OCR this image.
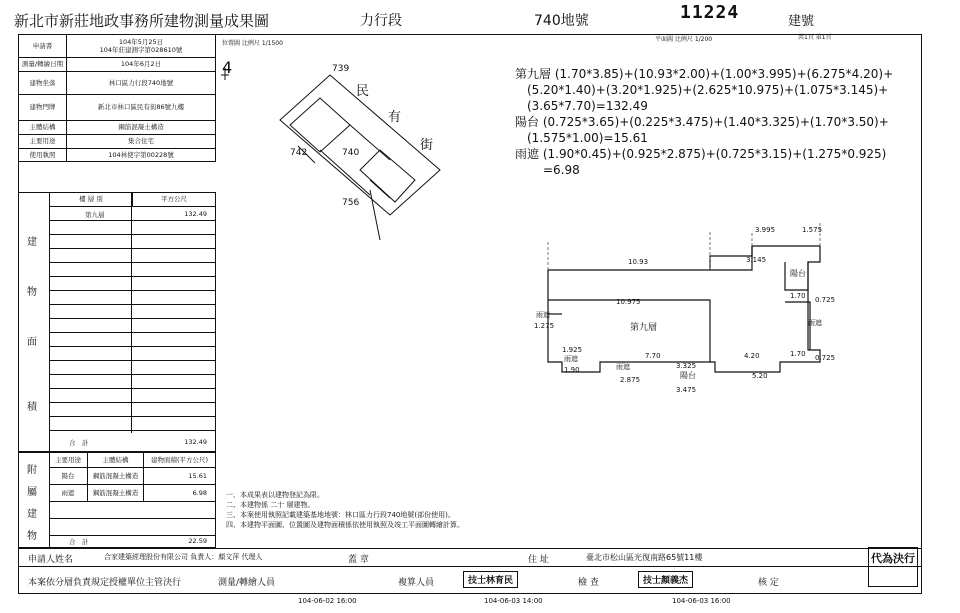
新北市新莊地政事務所建物測量成果圖	力行段	740地號	11224	建號
申請書	104年5月25日
104年莊建測字第028610號

測量/轉繪日期	104年6月2日
建物坐落	林口區力行段740地號
建物門牌	新北市林口區民有街86號九樓
主體結構	鋼筋混凝土構造
主要用途	集合住宅
使用執照	104林使字第00228號
樓 層 別	平方公尺
第九層	132.49
合　計	132.49
建
物
面
積
主要用途	主體結構	建物面積(平方公尺)
陽台	鋼筋混凝土構造	15.61
雨遮	鋼筋混凝土構造	6.98
合　計	22.59
附
屬
建
物
位置圖 比例尺 1/1500
平面圖 比例尺 1/200	共1頁 第1頁
4	739
740
742
756
民
有
街
第九層 (1.70*3.85)+(10.93*2.00)+(1.00*3.995)+(6.275*4.20)+
(5.20*1.40)+(3.20*1.925)+(2.625*10.975)+(1.075*3.145)+
(3.65*7.70)=132.49
陽台 (0.725*3.65)+(0.225*3.475)+(1.40*3.325)+(1.70*3.50)+
(1.575*1.00)=15.61
雨遮 (1.90*0.45)+(0.925*2.875)+(0.725*3.15)+(1.275*0.925)
=6.98
第九層
陽台
陽台
雨遮
雨遮
雨遮
雨遮
3.995	1.575
10.93	3.145
10.975
1.70 0.725
1.275
1.925
7.70	4.20	1.70 0.725
1.90
2.875
3.325
5.20
3.475
一、本成果表以建物登記為限。
二、本建物係 二十 層建物。
三、本案使用執照記載建築基地地號：林口區力行段740地號(部份使用)。
四、本建物平面圖、位置圖及建物面積係依使用執照及竣工平面圖轉繪計算。
申請人姓名	合家建築經理股份有限公司 負責人：顏文萍 代理人	蓋 章	住 址	臺北市松山區光復南路65號11樓
本案依分層負責規定授權單位主管決行	測量/轉繪人員	複算人員	技士林育民	檢 查	技士顏義杰	核 定
代為決行
104-06-02 16:00	104-06-03 14:00	104-06-03 16:00
